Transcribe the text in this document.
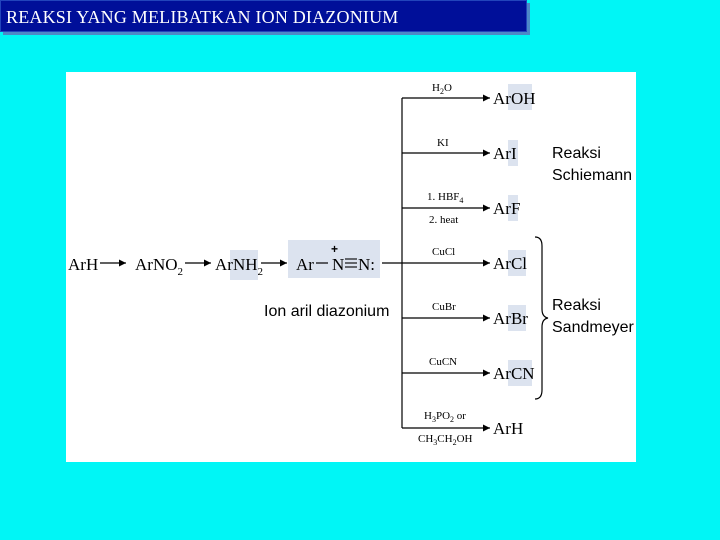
REAKSI YANG MELIBATKAN ION DIAZONIUM
ArH ArNO$_2$ ArNH$_2$ Ar N
+
N:
Ion aril diazonium
$H_2O$
KI
1. $HBF_4$
2. heat
CuCl
CuBr
CuCN
$H_3PO_2$ or
$CH_3CH_2OH$
ArOH
ArI
ArF
ArCl
ArBr
ArCN
ArH
Reaksi
Schiemann
Reaksi
Sandmeyer
